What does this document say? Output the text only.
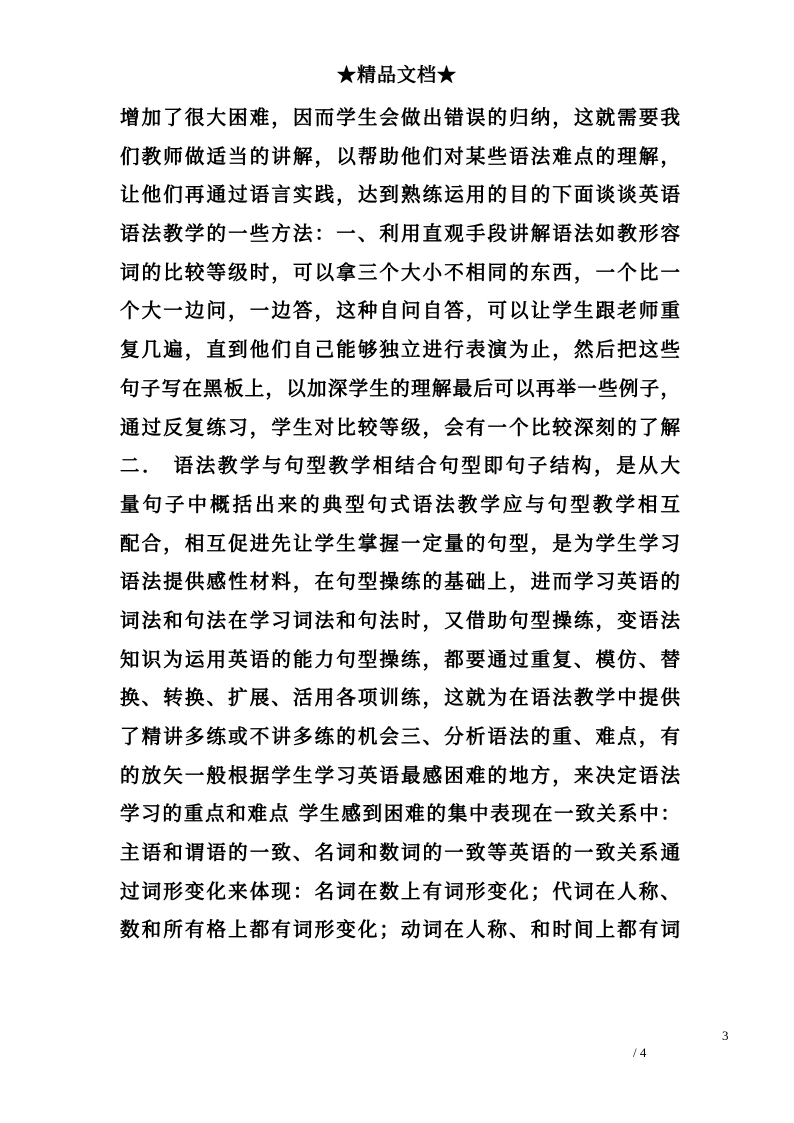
★精品文档★
增加了很大困难，因而学生会做出错误的归纳，这就需要我
们教师做适当的讲解，以帮助他们对某些语法难点的理解，
让他们再通过语言实践，达到熟练运用的目的下面谈谈英语
语法教学的一些方法：一、利用直观手段讲解语法如教形容
词的比较等级时，可以拿三个大小不相同的东西，一个比一
个大一边问，一边答，这种自问自答，可以让学生跟老师重
复几遍，直到他们自己能够独立进行表演为止，然后把这些
句子写在黑板上，以加深学生的理解最后可以再举一些例子，
通过反复练习，学生对比较等级，会有一个比较深刻的了解
二． 语法教学与句型教学相结合句型即句子结构，是从大
量句子中概括出来的典型句式语法教学应与句型教学相互
配合，相互促进先让学生掌握一定量的句型，是为学生学习
语法提供感性材料，在句型操练的基础上，进而学习英语的
词法和句法在学习词法和句法时，又借助句型操练，变语法
知识为运用英语的能力句型操练，都要通过重复、模仿、替
换、转换、扩展、活用各项训练，这就为在语法教学中提供
了精讲多练或不讲多练的机会三、分析语法的重、难点，有
的放矢一般根据学生学习英语最感困难的地方，来决定语法
学习的重点和难点 学生感到困难的集中表现在一致关系中：
主语和谓语的一致、名词和数词的一致等英语的一致关系通
过词形变化来体现：名词在数上有词形变化；代词在人称、
数和所有格上都有词形变化；动词在人称、和时间上都有词
3
/ 4
